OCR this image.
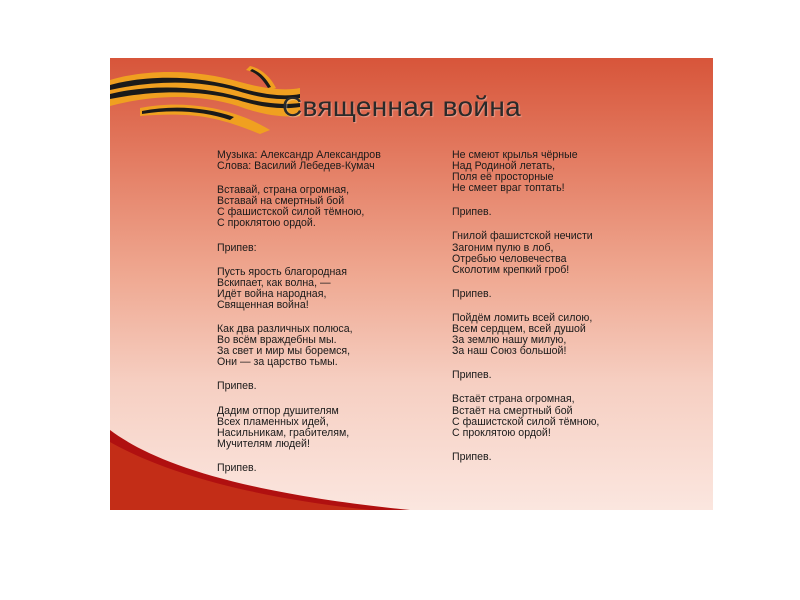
Священная война
Музыка: Александр Александров
Слова: Василий Лебедев-Кумач
Вставай, страна огромная,
Вставай на смертный бой
С фашистской силой тёмною,
С проклятою ордой.
Припев:
Пусть ярость благородная
Вскипает, как волна, —
Идёт война народная,
Священная война!
Как два различных полюса,
Во всём враждебны мы.
За свет и мир мы боремся,
Они — за царство тьмы.
Припев.
Дадим отпор душителям
Всех пламенных идей,
Насильникам, грабителям,
Мучителям людей!
Припев.
Не смеют крылья чёрные
Над Родиной летать,
Поля её просторные
Не смеет враг топтать!
Припев.
Гнилой фашистской нечисти
Загоним пулю в лоб,
Отребью человечества
Сколотим крепкий гроб!
Припев.
Пойдём ломить всей силою,
Всем сердцем, всей душой
За землю нашу милую,
За наш Союз большой!
Припев.
Встаёт страна огромная,
Встаёт на смертный бой
С фашистской силой тёмною,
С проклятою ордой!
Припев.
